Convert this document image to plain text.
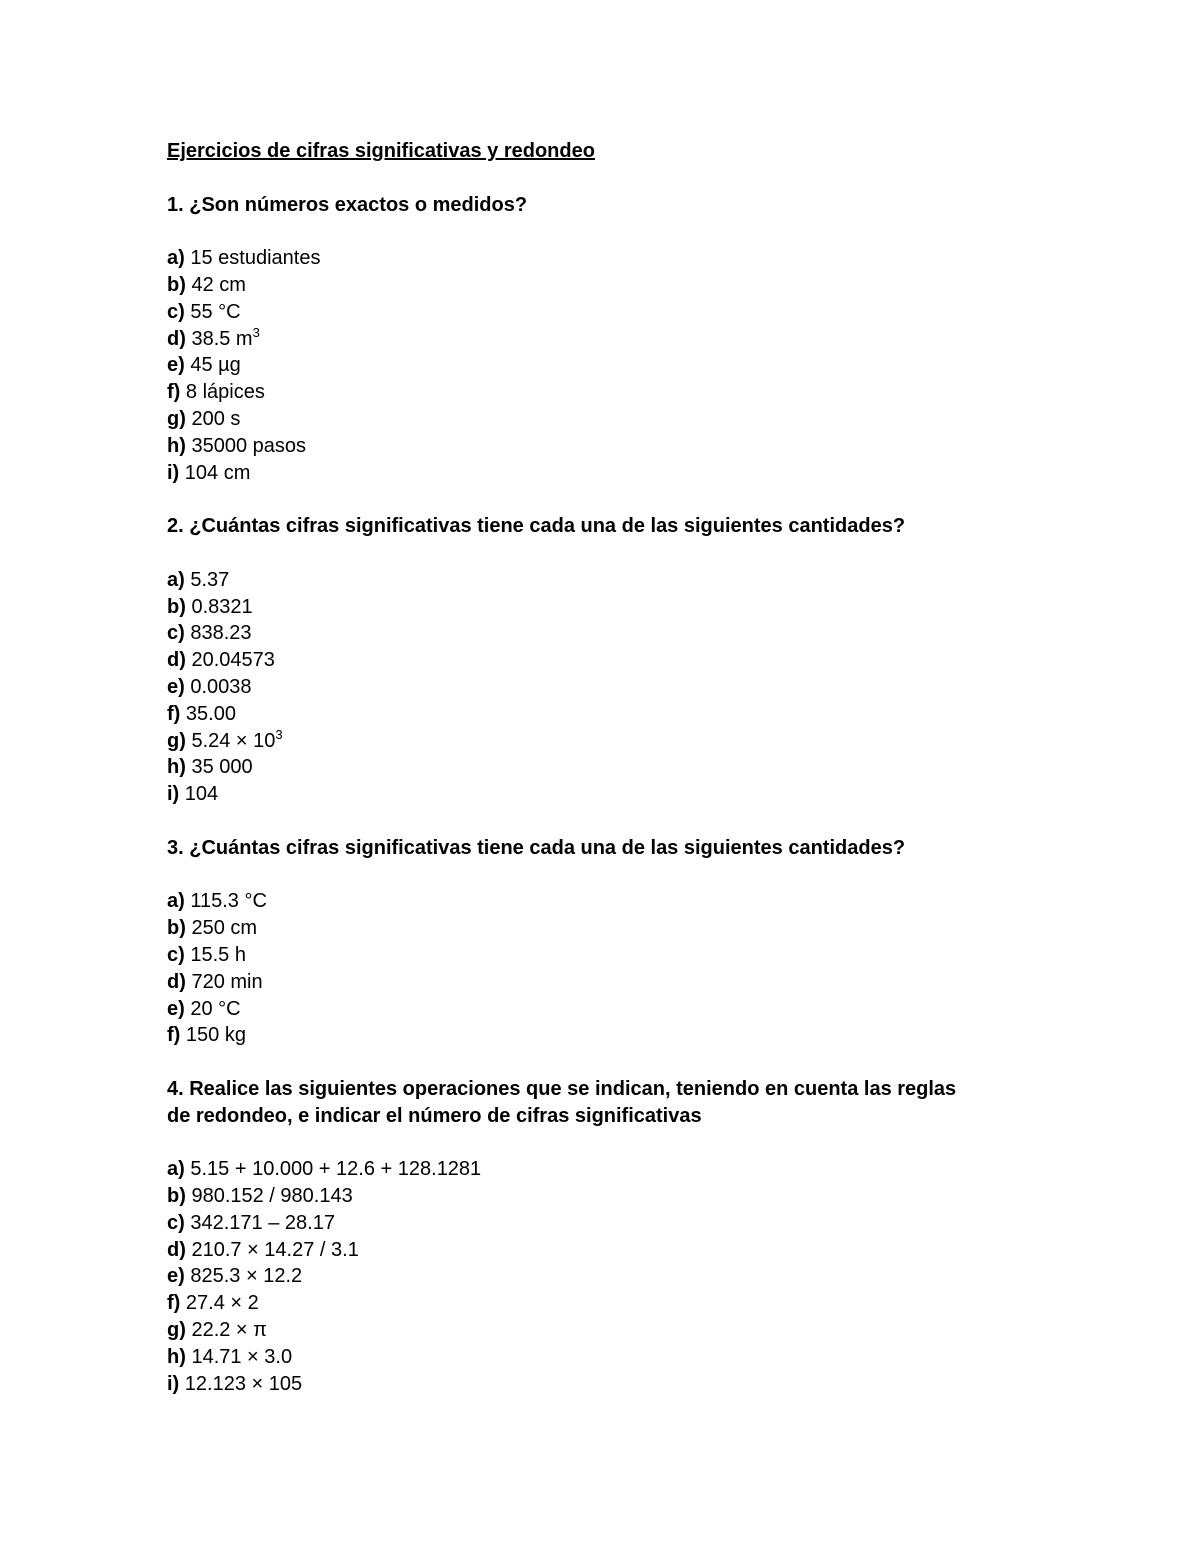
Ejercicios de cifras significativas y redondeo

1. ¿Son números exactos o medidos?

a) 15 estudiantes
b) 42 cm
c) 55 °C
d) 38.5 $m^3$
e) 45 µg
f) 8 lápices
g) 200 s
h) 35000 pasos
i) 104 cm

2. ¿Cuántas cifras significativas tiene cada una de las siguientes cantidades?

a) 5.37
b) 0.8321
c) 838.23
d) 20.04573
e) 0.0038
f) 35.00
g) $5.24 \times 10^3$
h) 35 000
i) 104

3. ¿Cuántas cifras significativas tiene cada una de las siguientes cantidades?

a) 115.3 °C
b) 250 cm
c) 15.5 h
d) 720 min
e) 20 °C
f) 150 kg

4. Realice las siguientes operaciones que se indican, teniendo en cuenta las reglas

de redondeo, e indicar el número de cifras significativas

a) 5.15 + 10.000 + 12.6 + 128.1281
b) 980.152 / 980.143
c) 342.171 – 28.17
d) 210.7 × 14.27 / 3.1
e) 825.3 × 12.2
f) 27.4 × 2
g) 22.2 × π
h) 14.71 × 3.0
i) 12.123 × 105
